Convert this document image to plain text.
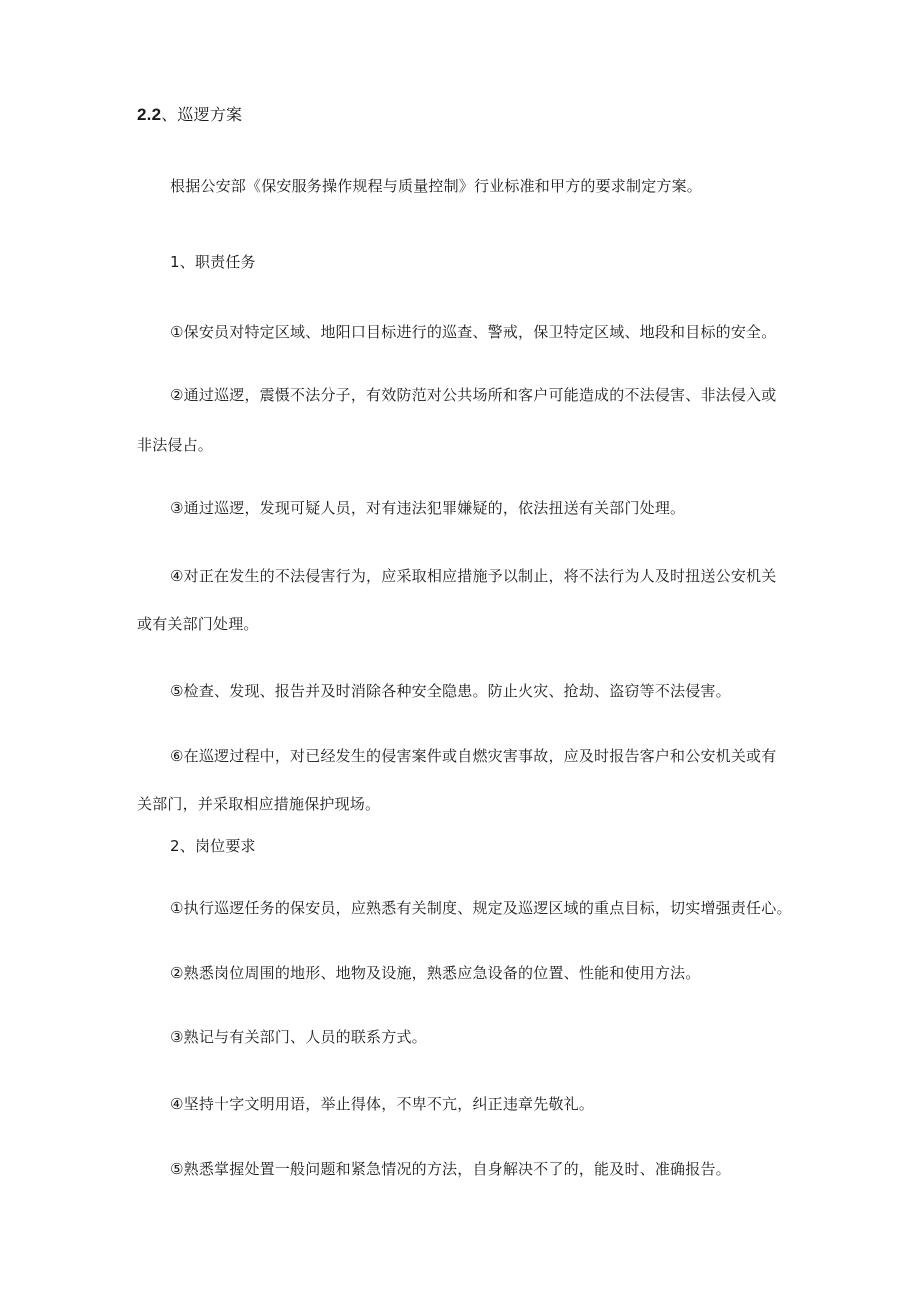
2.2、巡逻方案
根据公安部《保安服务操作规程与质量控制》行业标准和甲方的要求制定方案。
1、职责任务
①保安员对特定区域、地阳口目标进行的巡查、警戒，保卫特定区域、地段和目标的安全。
②通过巡逻，震慑不法分子，有效防范对公共场所和客户可能造成的不法侵害、非法侵入或
非法侵占。
③通过巡逻，发现可疑人员，对有违法犯罪嫌疑的，依法扭送有关部门处理。
④对正在发生的不法侵害行为，应采取相应措施予以制止，将不法行为人及时扭送公安机关
或有关部门处理。
⑤检查、发现、报告并及时消除各种安全隐患。防止火灾、抢劫、盗窃等不法侵害。
⑥在巡逻过程中，对已经发生的侵害案件或自燃灾害事故，应及时报告客户和公安机关或有
关部门，并采取相应措施保护现场。
2、岗位要求
①执行巡逻任务的保安员，应熟悉有关制度、规定及巡逻区域的重点目标，切实增强责任心。
②熟悉岗位周围的地形、地物及设施，熟悉应急设备的位置、性能和使用方法。
③熟记与有关部门、人员的联系方式。
④坚持十字文明用语，举止得体，不卑不亢，纠正违章先敬礼。
⑤熟悉掌握处置一般问题和紧急情况的方法，自身解决不了的，能及时、准确报告。
